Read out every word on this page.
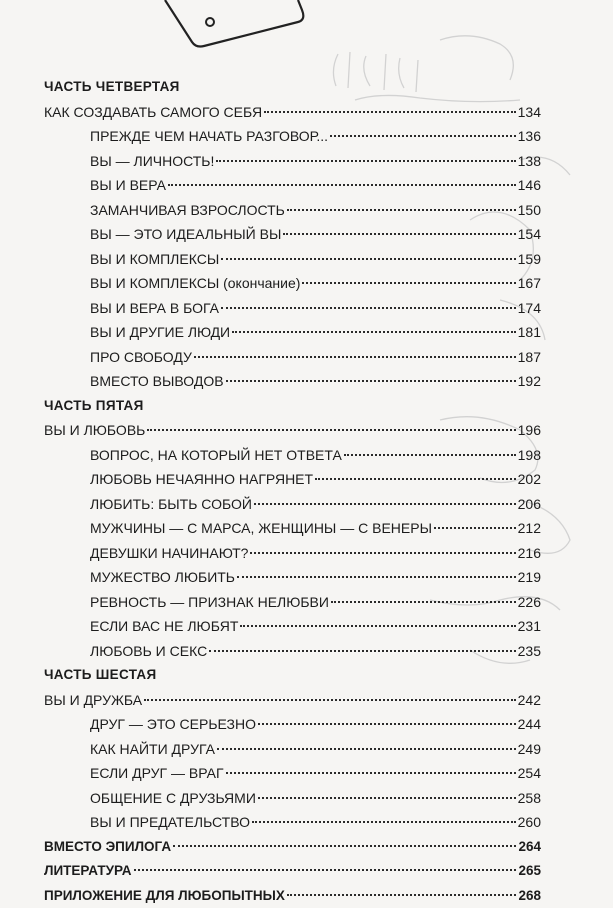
ЧАСТЬ ЧЕТВЕРТАЯ
КАК СОЗДАВАТЬ САМОГО СЕБЯ	134
ПРЕЖДЕ ЧЕМ НАЧАТЬ РАЗГОВОР...	136
ВЫ — ЛИЧНОСТЬ!	138
ВЫ И ВЕРА	146
ЗАМАНЧИВАЯ ВЗРОСЛОСТЬ	150
ВЫ — ЭТО ИДЕАЛЬНЫЙ ВЫ	154
ВЫ И КОМПЛЕКСЫ	159
ВЫ И КОМПЛЕКСЫ (окончание)	167
ВЫ И ВЕРА В БОГА	174
ВЫ И ДРУГИЕ ЛЮДИ	181
ПРО СВОБОДУ	187
ВМЕСТО ВЫВОДОВ	192
ЧАСТЬ ПЯТАЯ
ВЫ И ЛЮБОВЬ	196
ВОПРОС, НА КОТОРЫЙ НЕТ ОТВЕТА	198
ЛЮБОВЬ НЕЧАЯННО НАГРЯНЕТ	202
ЛЮБИТЬ: БЫТЬ СОБОЙ	206
МУЖЧИНЫ — С МАРСА, ЖЕНЩИНЫ — С ВЕНЕРЫ	212
ДЕВУШКИ НАЧИНАЮТ?	216
МУЖЕСТВО ЛЮБИТЬ	219
РЕВНОСТЬ — ПРИЗНАК НЕЛЮБВИ	226
ЕСЛИ ВАС НЕ ЛЮБЯТ	231
ЛЮБОВЬ И СЕКС	235
ЧАСТЬ ШЕСТАЯ
ВЫ И ДРУЖБА	242
ДРУГ — ЭТО СЕРЬЕЗНО	244
КАК НАЙТИ ДРУГА	249
ЕСЛИ ДРУГ — ВРАГ	254
ОБЩЕНИЕ С ДРУЗЬЯМИ	258
ВЫ И ПРЕДАТЕЛЬСТВО	260
ВМЕСТО ЭПИЛОГА	264
ЛИТЕРАТУРА	265
ПРИЛОЖЕНИЕ ДЛЯ ЛЮБОПЫТНЫХ	268
